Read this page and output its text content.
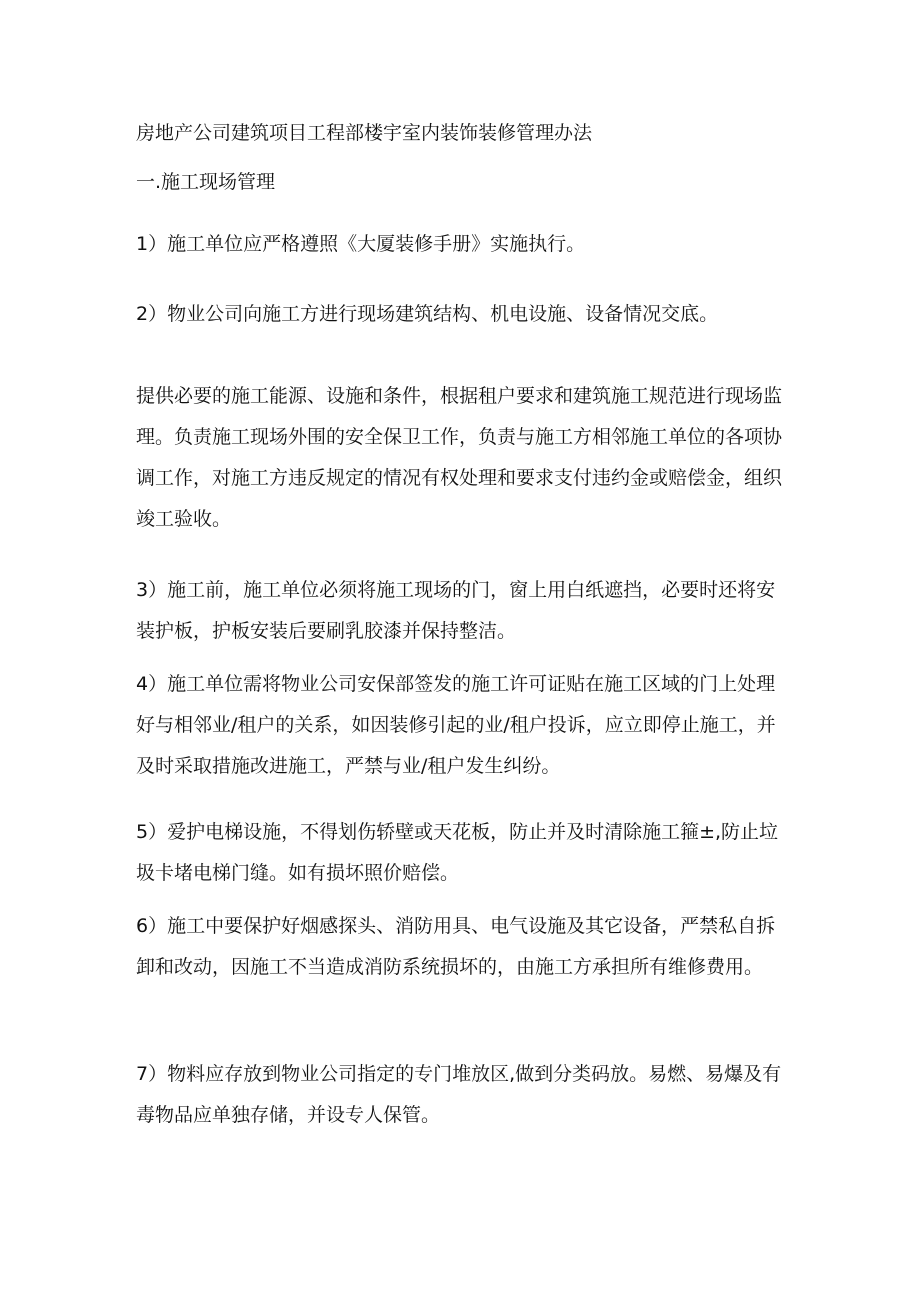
房地产公司建筑项目工程部楼宇室内装饰装修管理办法

一.施工现场管理

1）施工单位应严格遵照《大厦装修手册》实施执行。

2）物业公司向施工方进行现场建筑结构、机电设施、设备情况交底。

提供必要的施工能源、设施和条件，根据租户要求和建筑施工规范进行现场监理。负责施工现场外围的安全保卫工作，负责与施工方相邻施工单位的各项协调工作，对施工方违反规定的情况有权处理和要求支付违约金或赔偿金，组织竣工验收。

3）施工前，施工单位必须将施工现场的门，窗上用白纸遮挡，必要时还将安装护板，护板安装后要刷乳胶漆并保持整洁。

4）施工单位需将物业公司安保部签发的施工许可证贴在施工区域的门上处理好与相邻业/租户的关系，如因装修引起的业/租户投诉，应立即停止施工，并及时采取措施改进施工，严禁与业/租户发生纠纷。

5）爱护电梯设施，不得划伤轿壁或天花板，防止并及时清除施工箍±,防止垃圾卡堵电梯门缝。如有损坏照价赔偿。

6）施工中要保护好烟感探头、消防用具、电气设施及其它设备，严禁私自拆卸和改动，因施工不当造成消防系统损坏的，由施工方承担所有维修费用。

7）物料应存放到物业公司指定的专门堆放区,做到分类码放。易燃、易爆及有毒物品应单独存储，并设专人保管。
